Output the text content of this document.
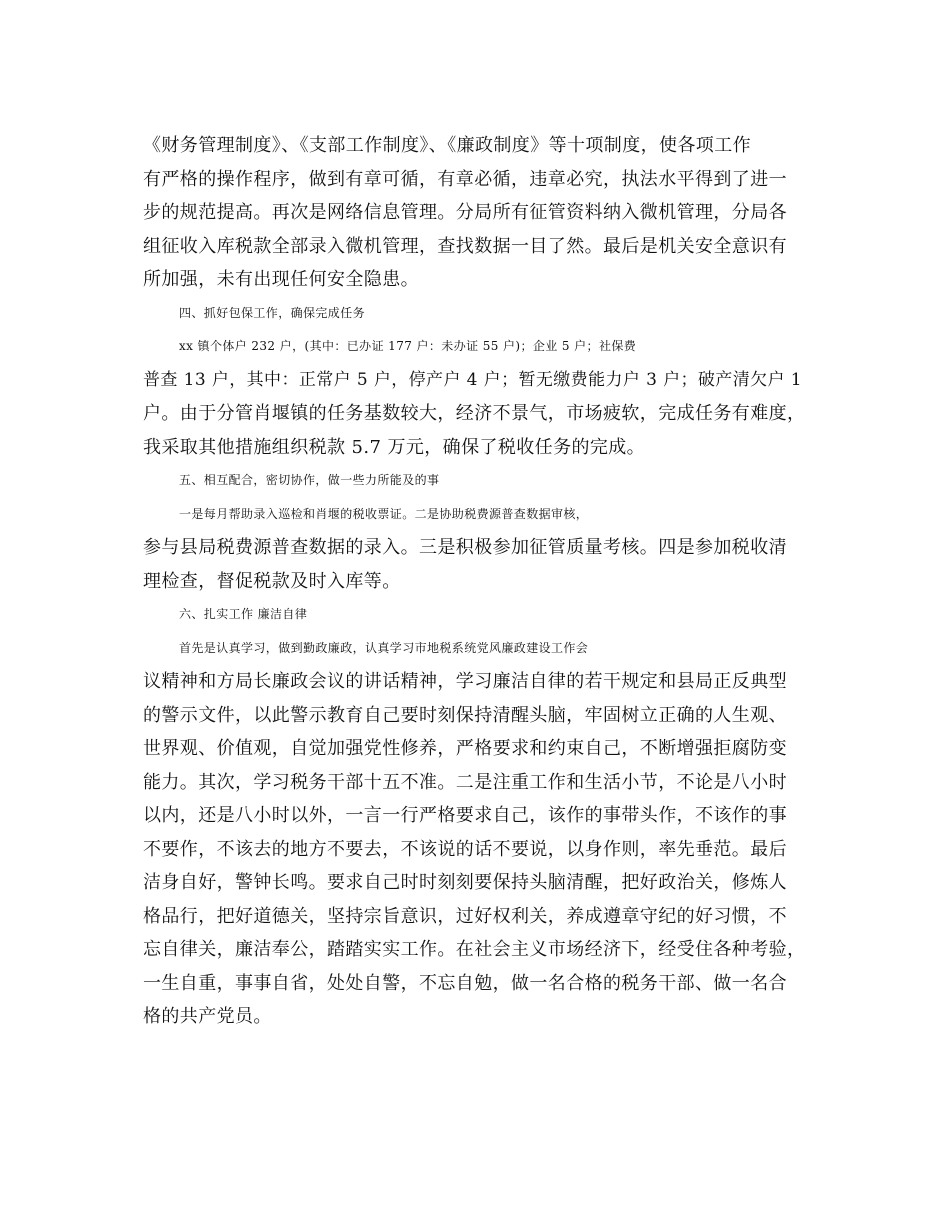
《财务管理制度》、《支部工作制度》、《廉政制度》等十项制度，使各项工作
有严格的操作程序，做到有章可循，有章必循，违章必究，执法水平得到了进一
步的规范提高。再次是网络信息管理。分局所有征管资料纳入微机管理，分局各
组征收入库税款全部录入微机管理，查找数据一目了然。最后是机关安全意识有
所加强，未有出现任何安全隐患。
四、抓好包保工作，确保完成任务
xx 镇个体户 232 户，(其中：已办证 177 户：未办证 55 户)；企业 5 户；社保费
普查 13 户，其中：正常户 5 户，停产户 4 户；暂无缴费能力户 3 户；破产清欠户 1
户。由于分管肖堰镇的任务基数较大，经济不景气，市场疲软，完成任务有难度，
我采取其他措施组织税款 5.7 万元，确保了税收任务的完成。
五、相互配合，密切协作，做一些力所能及的事
一是每月帮助录入巡检和肖堰的税收票证。二是协助税费源普查数据审核，
参与县局税费源普查数据的录入。三是积极参加征管质量考核。四是参加税收清
理检查，督促税款及时入库等。
六、扎实工作 廉洁自律
首先是认真学习，做到勤政廉政，认真学习市地税系统党风廉政建设工作会
议精神和方局长廉政会议的讲话精神，学习廉洁自律的若干规定和县局正反典型
的警示文件，以此警示教育自己要时刻保持清醒头脑，牢固树立正确的人生观、
世界观、价值观，自觉加强党性修养，严格要求和约束自己，不断增强拒腐防变
能力。其次，学习税务干部十五不准。二是注重工作和生活小节，不论是八小时
以内，还是八小时以外，一言一行严格要求自己，该作的事带头作，不该作的事
不要作，不该去的地方不要去，不该说的话不要说，以身作则，率先垂范。最后
洁身自好，警钟长鸣。要求自己时时刻刻要保持头脑清醒，把好政治关，修炼人
格品行，把好道德关，坚持宗旨意识，过好权利关，养成遵章守纪的好习惯，不
忘自律关，廉洁奉公，踏踏实实工作。在社会主义市场经济下，经受住各种考验，
一生自重，事事自省，处处自警，不忘自勉，做一名合格的税务干部、做一名合
格的共产党员。
